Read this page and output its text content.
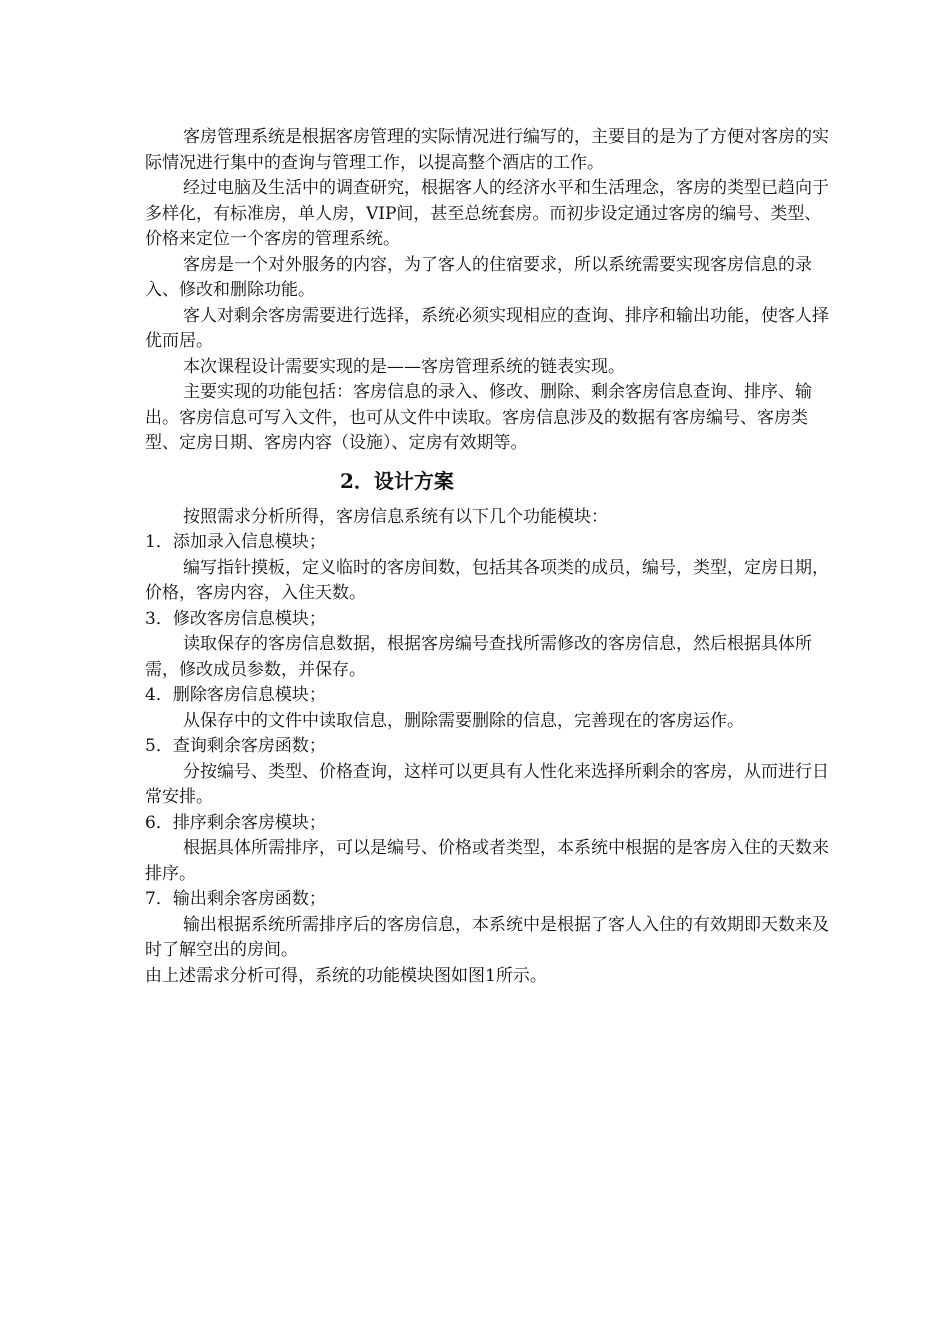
客房管理系统是根据客房管理的实际情况进行编写的，主要目的是为了方便对客房的实际情况进行集中的查询与管理工作，以提高整个酒店的工作。

经过电脑及生活中的调查研究，根据客人的经济水平和生活理念，客房的类型已趋向于多样化，有标准房，单人房，VIP间，甚至总统套房。而初步设定通过客房的编号、类型、价格来定位一个客房的管理系统。

客房是一个对外服务的内容，为了客人的住宿要求，所以系统需要实现客房信息的录入、修改和删除功能。

客人对剩余客房需要进行选择，系统必须实现相应的查询、排序和输出功能，使客人择优而居。

本次课程设计需要实现的是——客房管理系统的链表实现。

主要实现的功能包括：客房信息的录入、修改、删除、剩余客房信息查询、排序、输出。客房信息可写入文件，也可从文件中读取。客房信息涉及的数据有客房编号、客房类型、定房日期、客房内容（设施）、定房有效期等。

2．设计方案

按照需求分析所得，客房信息系统有以下几个功能模块：

1．添加录入信息模块；

编写指针摸板，定义临时的客房间数，包括其各项类的成员，编号，类型，定房日期，价格，客房内容，入住天数。

3．修改客房信息模块；

读取保存的客房信息数据，根据客房编号查找所需修改的客房信息，然后根据具体所需，修改成员参数，并保存。

4．删除客房信息模块；

从保存中的文件中读取信息，删除需要删除的信息，完善现在的客房运作。

5．查询剩余客房函数；

分按编号、类型、价格查询，这样可以更具有人性化来选择所剩余的客房，从而进行日常安排。

6．排序剩余客房模块；

根据具体所需排序，可以是编号、价格或者类型，本系统中根据的是客房入住的天数来排序。

7．输出剩余客房函数；

输出根据系统所需排序后的客房信息，本系统中是根据了客人入住的有效期即天数来及时了解空出的房间。

由上述需求分析可得，系统的功能模块图如图1所示。
